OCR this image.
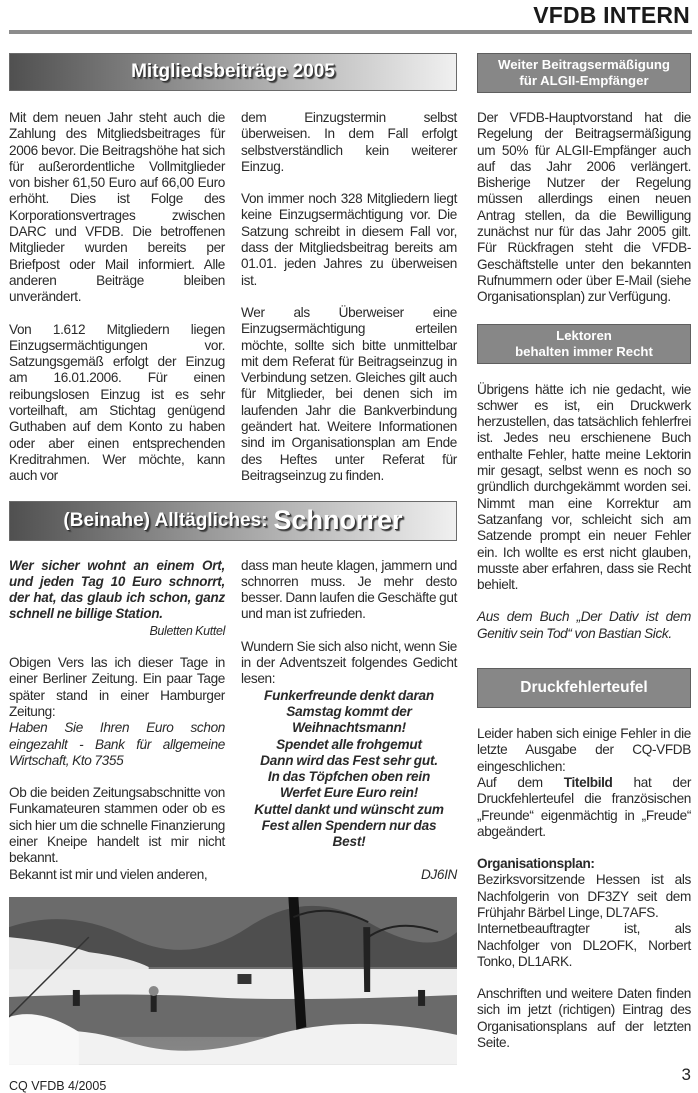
VFDB INTERN
Mitgliedsbeiträge 2005

Mit dem neuen Jahr steht auch die Zahlung des Mitgliedsbeitrages für 2006 bevor. Die Beitragshöhe hat sich für außerordentliche Vollmitglieder von bisher 61,50 Euro auf 66,00 Euro erhöht. Dies ist Folge des Korporationsvertrages zwischen DARC und VFDB. Die betroffenen Mitglieder wurden bereits per Briefpost oder Mail informiert. Alle anderen Beiträge bleiben unverändert.

Von 1.612 Mitgliedern liegen Einzugsermächtigungen vor. Satzungsgemäß erfolgt der Einzug am 16.01.2006. Für einen reibungslosen Einzug ist es sehr vorteilhaft, am Stichtag genügend Guthaben auf dem Konto zu haben oder aber einen entsprechenden Kreditrahmen. Wer möchte, kann auch vor

dem Einzugstermin selbst überweisen. In dem Fall erfolgt selbstverständlich kein weiterer Einzug.

Von immer noch 328 Mitgliedern liegt keine Einzugsermächtigung vor. Die Satzung schreibt in diesem Fall vor, dass der Mitgliedsbeitrag bereits am 01.01. jeden Jahres zu überweisen ist.

Wer als Überweiser eine Einzugsermächtigung erteilen möchte, sollte sich bitte unmittelbar mit dem Referat für Beitragseinzug in Verbindung setzen. Gleiches gilt auch für Mitglieder, bei denen sich im laufenden Jahr die Bankverbindung geändert hat. Weitere Informationen sind im Organisationsplan am Ende des Heftes unter Referat für Beitragseinzug zu finden.

(Beinahe) Alltägliches: Schnorrer

Wer sicher wohnt an einem Ort, und jeden Tag 10 Euro schnorrt, der hat, das glaub ich schon, ganz schnell ne billige Station.

Buletten Kuttel

Obigen Vers las ich dieser Tage in einer Berliner Zeitung. Ein paar Tage später stand in einer Hamburger Zeitung:

Haben Sie Ihren Euro schon eingezahlt - Bank für allgemeine Wirtschaft, Kto 7355

Ob die beiden Zeitungsabschnitte von Funkamateuren stammen oder ob es sich hier um die schnelle Finanzierung einer Kneipe handelt ist mir nicht bekannt.

Bekannt ist mir und vielen anderen,

dass man heute klagen, jammern und schnorren muss. Je mehr desto besser. Dann laufen die Geschäfte gut und man ist zufrieden.

Wundern Sie sich also nicht, wenn Sie in der Adventszeit folgendes Gedicht lesen:

Funkerfreunde denkt daran
Samstag kommt der
Weihnachtsmann!
Spendet alle frohgemut
Dann wird das Fest sehr gut.
In das Töpfchen oben rein
Werfet Eure Euro rein!
Kuttel dankt und wünscht zum
Fest allen Spendern nur das
Best!

DJ6IN

CQ VFDB 4/2005
Weiter Beitragsermäßigung
für ALGII-Empfänger

Der VFDB-Hauptvorstand hat die Regelung der Beitragsermäßigung um 50% für ALGII-Empfänger auch auf das Jahr 2006 verlängert. Bisherige Nutzer der Regelung müssen allerdings einen neuen Antrag stellen, da die Bewilligung zunächst nur für das Jahr 2005 gilt. Für Rückfragen steht die VFDB-Geschäftstelle unter den bekannten Rufnummern oder über E-Mail (siehe Organisationsplan) zur Verfügung.

Lektoren
behalten immer Recht

Übrigens hätte ich nie gedacht, wie schwer es ist, ein Druckwerk herzustellen, das tatsächlich fehlerfrei ist. Jedes neu erschienene Buch enthalte Fehler, hatte meine Lektorin mir gesagt, selbst wenn es noch so gründlich durchgekämmt worden sei. Nimmt man eine Korrektur am Satzanfang vor, schleicht sich am Satzende prompt ein neuer Fehler ein. Ich wollte es erst nicht glauben, musste aber erfahren, dass sie Recht behielt.

Aus dem Buch „Der Dativ ist dem Genitiv sein Tod“ von Bastian Sick.

Druckfehlerteufel

Leider haben sich einige Fehler in die letzte Ausgabe der CQ-VFDB eingeschlichen:

Auf dem Titelbild hat der Druckfehlerteufel die französischen „Freunde“ eigenmächtig in „Freude“ abgeändert.

Organisationsplan: Bezirksvorsitzende Hessen ist als Nachfolgerin von DF3ZY seit dem Frühjahr Bärbel Linge, DL7AFS.

Internetbeauftragter ist, als Nachfolger von DL2OFK, Norbert Tonko, DL1ARK.

Anschriften und weitere Daten finden sich im jetzt (richtigen) Eintrag des Organisationsplans auf der letzten Seite.

3
